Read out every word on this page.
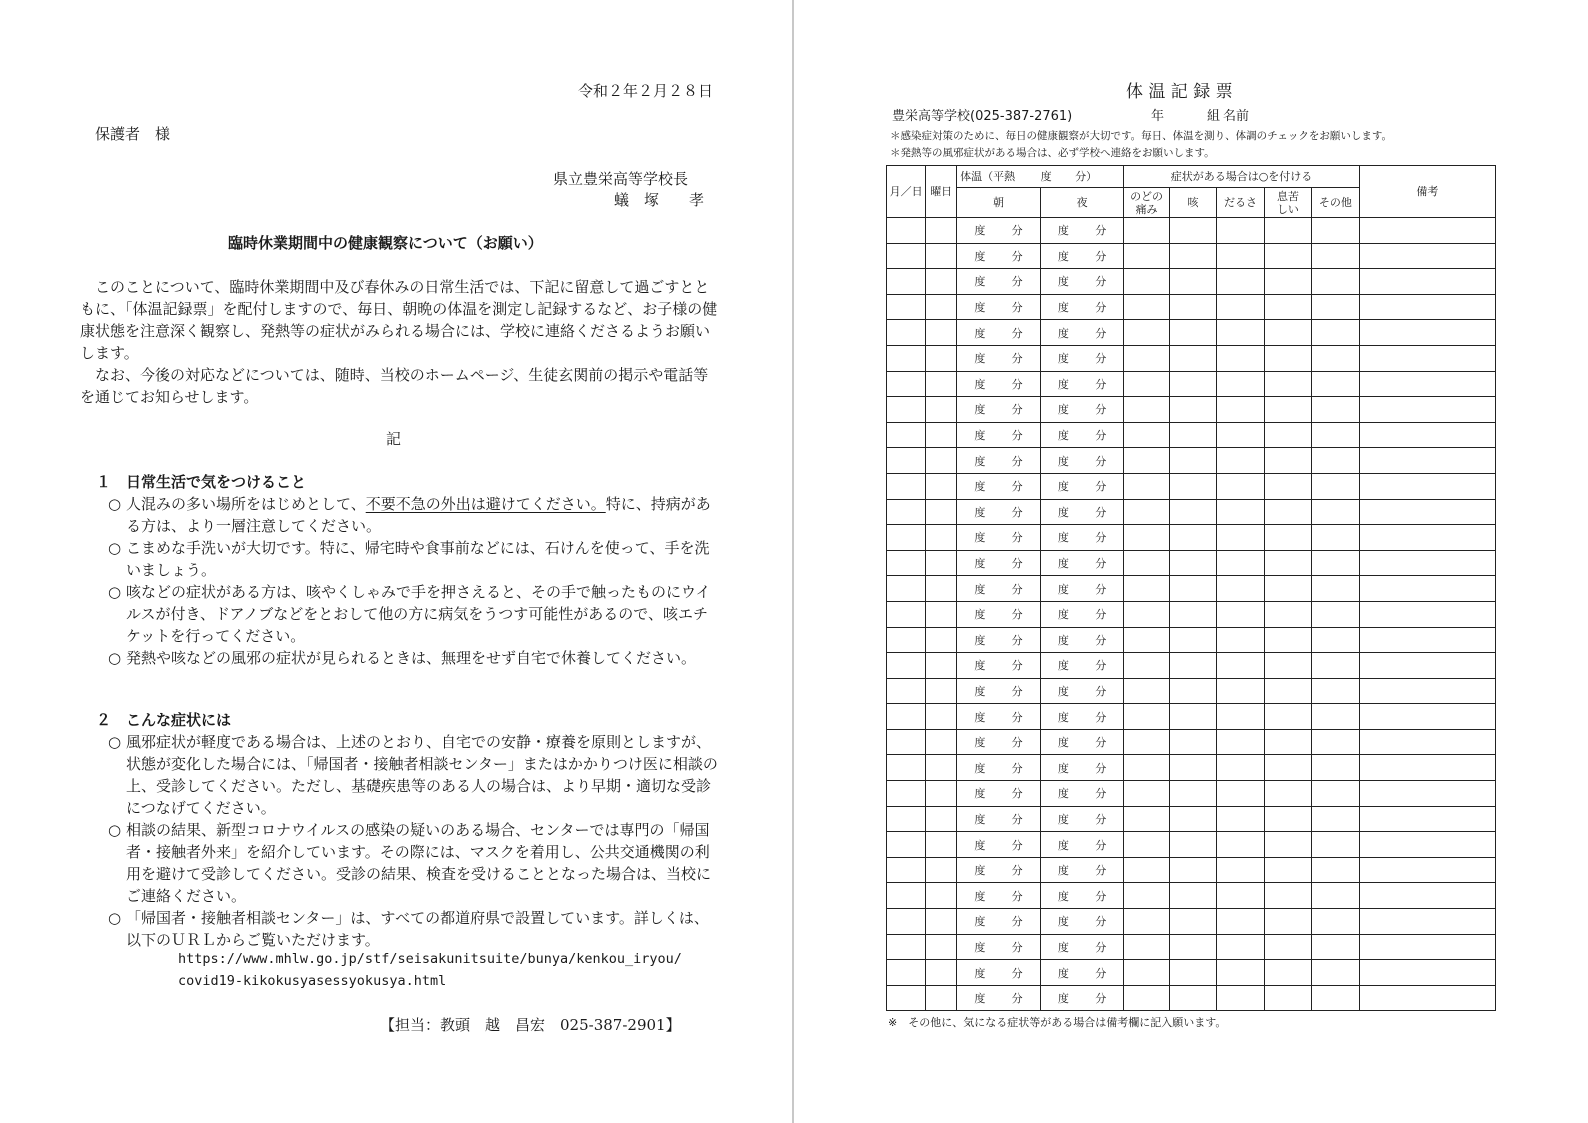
令和２年２月２８日
保護者　様
県立豊栄高等学校長
蟻　塚　　孝
臨時休業期間中の健康観察について（お願い）
このことについて、臨時休業期間中及び春休みの日常生活では、下記に留意して過ごすとともに、「体温記録票」を配付しますので、毎日、朝晩の体温を測定し記録するなど、お子様の健康状態を注意深く観察し、発熱等の症状がみられる場合には、学校に連絡くださるようお願いします。
なお、今後の対応などについては、随時、当校のホームページ、生徒玄関前の掲示や電話等を通じてお知らせします。
記
１　日常生活で気をつけること
○ 人混みの多い場所をはじめとして、不要不急の外出は避けてください。特に、持病がある方は、より一層注意してください。
○ こまめな手洗いが大切です。特に、帰宅時や食事前などには、石けんを使って、手を洗いましょう。
○ 咳などの症状がある方は、咳やくしゃみで手を押さえると、その手で触ったものにウイルスが付き、ドアノブなどをとおして他の方に病気をうつす可能性があるので、咳エチケットを行ってください。
○ 発熱や咳などの風邪の症状が見られるときは、無理をせず自宅で休養してください。
２　こんな症状には
○ 風邪症状が軽度である場合は、上述のとおり、自宅での安静・療養を原則としますが、状態が変化した場合には、「帰国者・接触者相談センター」またはかかりつけ医に相談の上、受診してください。ただし、基礎疾患等のある人の場合は、より早期・適切な受診につなげてください。
○ 相談の結果、新型コロナウイルスの感染の疑いのある場合、センターでは専門の「帰国者・接触者外来」を紹介しています。その際には、マスクを着用し、公共交通機関の利用を避けて受診してください。受診の結果、検査を受けることとなった場合は、当校にご連絡ください。
○ 「帰国者・接触者相談センター」は、すべての都道府県で設置しています。詳しくは、以下のＵＲＬからご覧いただけます。
https://www.mhlw.go.jp/stf/seisakunitsuite/bunya/kenkou_iryou/
covid19-kikokusyasessyokusya.html
【担当：教頭　越　昌宏　025-387-2901】
体 温 記 録 票
豊栄高等学校(025-387-2761)	年	組 名前
＊感染症対策のために、毎日の健康観察が大切です。毎日、体温を測り、体調のチェックをお願いします。
＊発熱等の風邪症状がある場合は、必ず学校へ連絡をお願いします。
月／日	曜日	体温（平熱 度 分）		症状がある場合は○を付ける					備考
		朝	夜	のどの
痛み	咳	だるさ	息苦
しい	その他	

		度 分	度 分						

		度 分	度 分						

		度 分	度 分						

		度 分	度 分						

		度 分	度 分						

		度 分	度 分						

		度 分	度 分						

		度 分	度 分						

		度 分	度 分						

		度 分	度 分						

		度 分	度 分						

		度 分	度 分						

		度 分	度 分						

		度 分	度 分						

		度 分	度 分						

		度 分	度 分						

		度 分	度 分						

		度 分	度 分						

		度 分	度 分						

		度 分	度 分						

		度 分	度 分						

		度 分	度 分						

		度 分	度 分						

		度 分	度 分						

		度 分	度 分						

		度 分	度 分						

		度 分	度 分						

		度 分	度 分						

		度 分	度 分						

		度 分	度 分						

		度 分	度 分						

※　その他に、気になる症状等がある場合は備考欄に記入願います。
